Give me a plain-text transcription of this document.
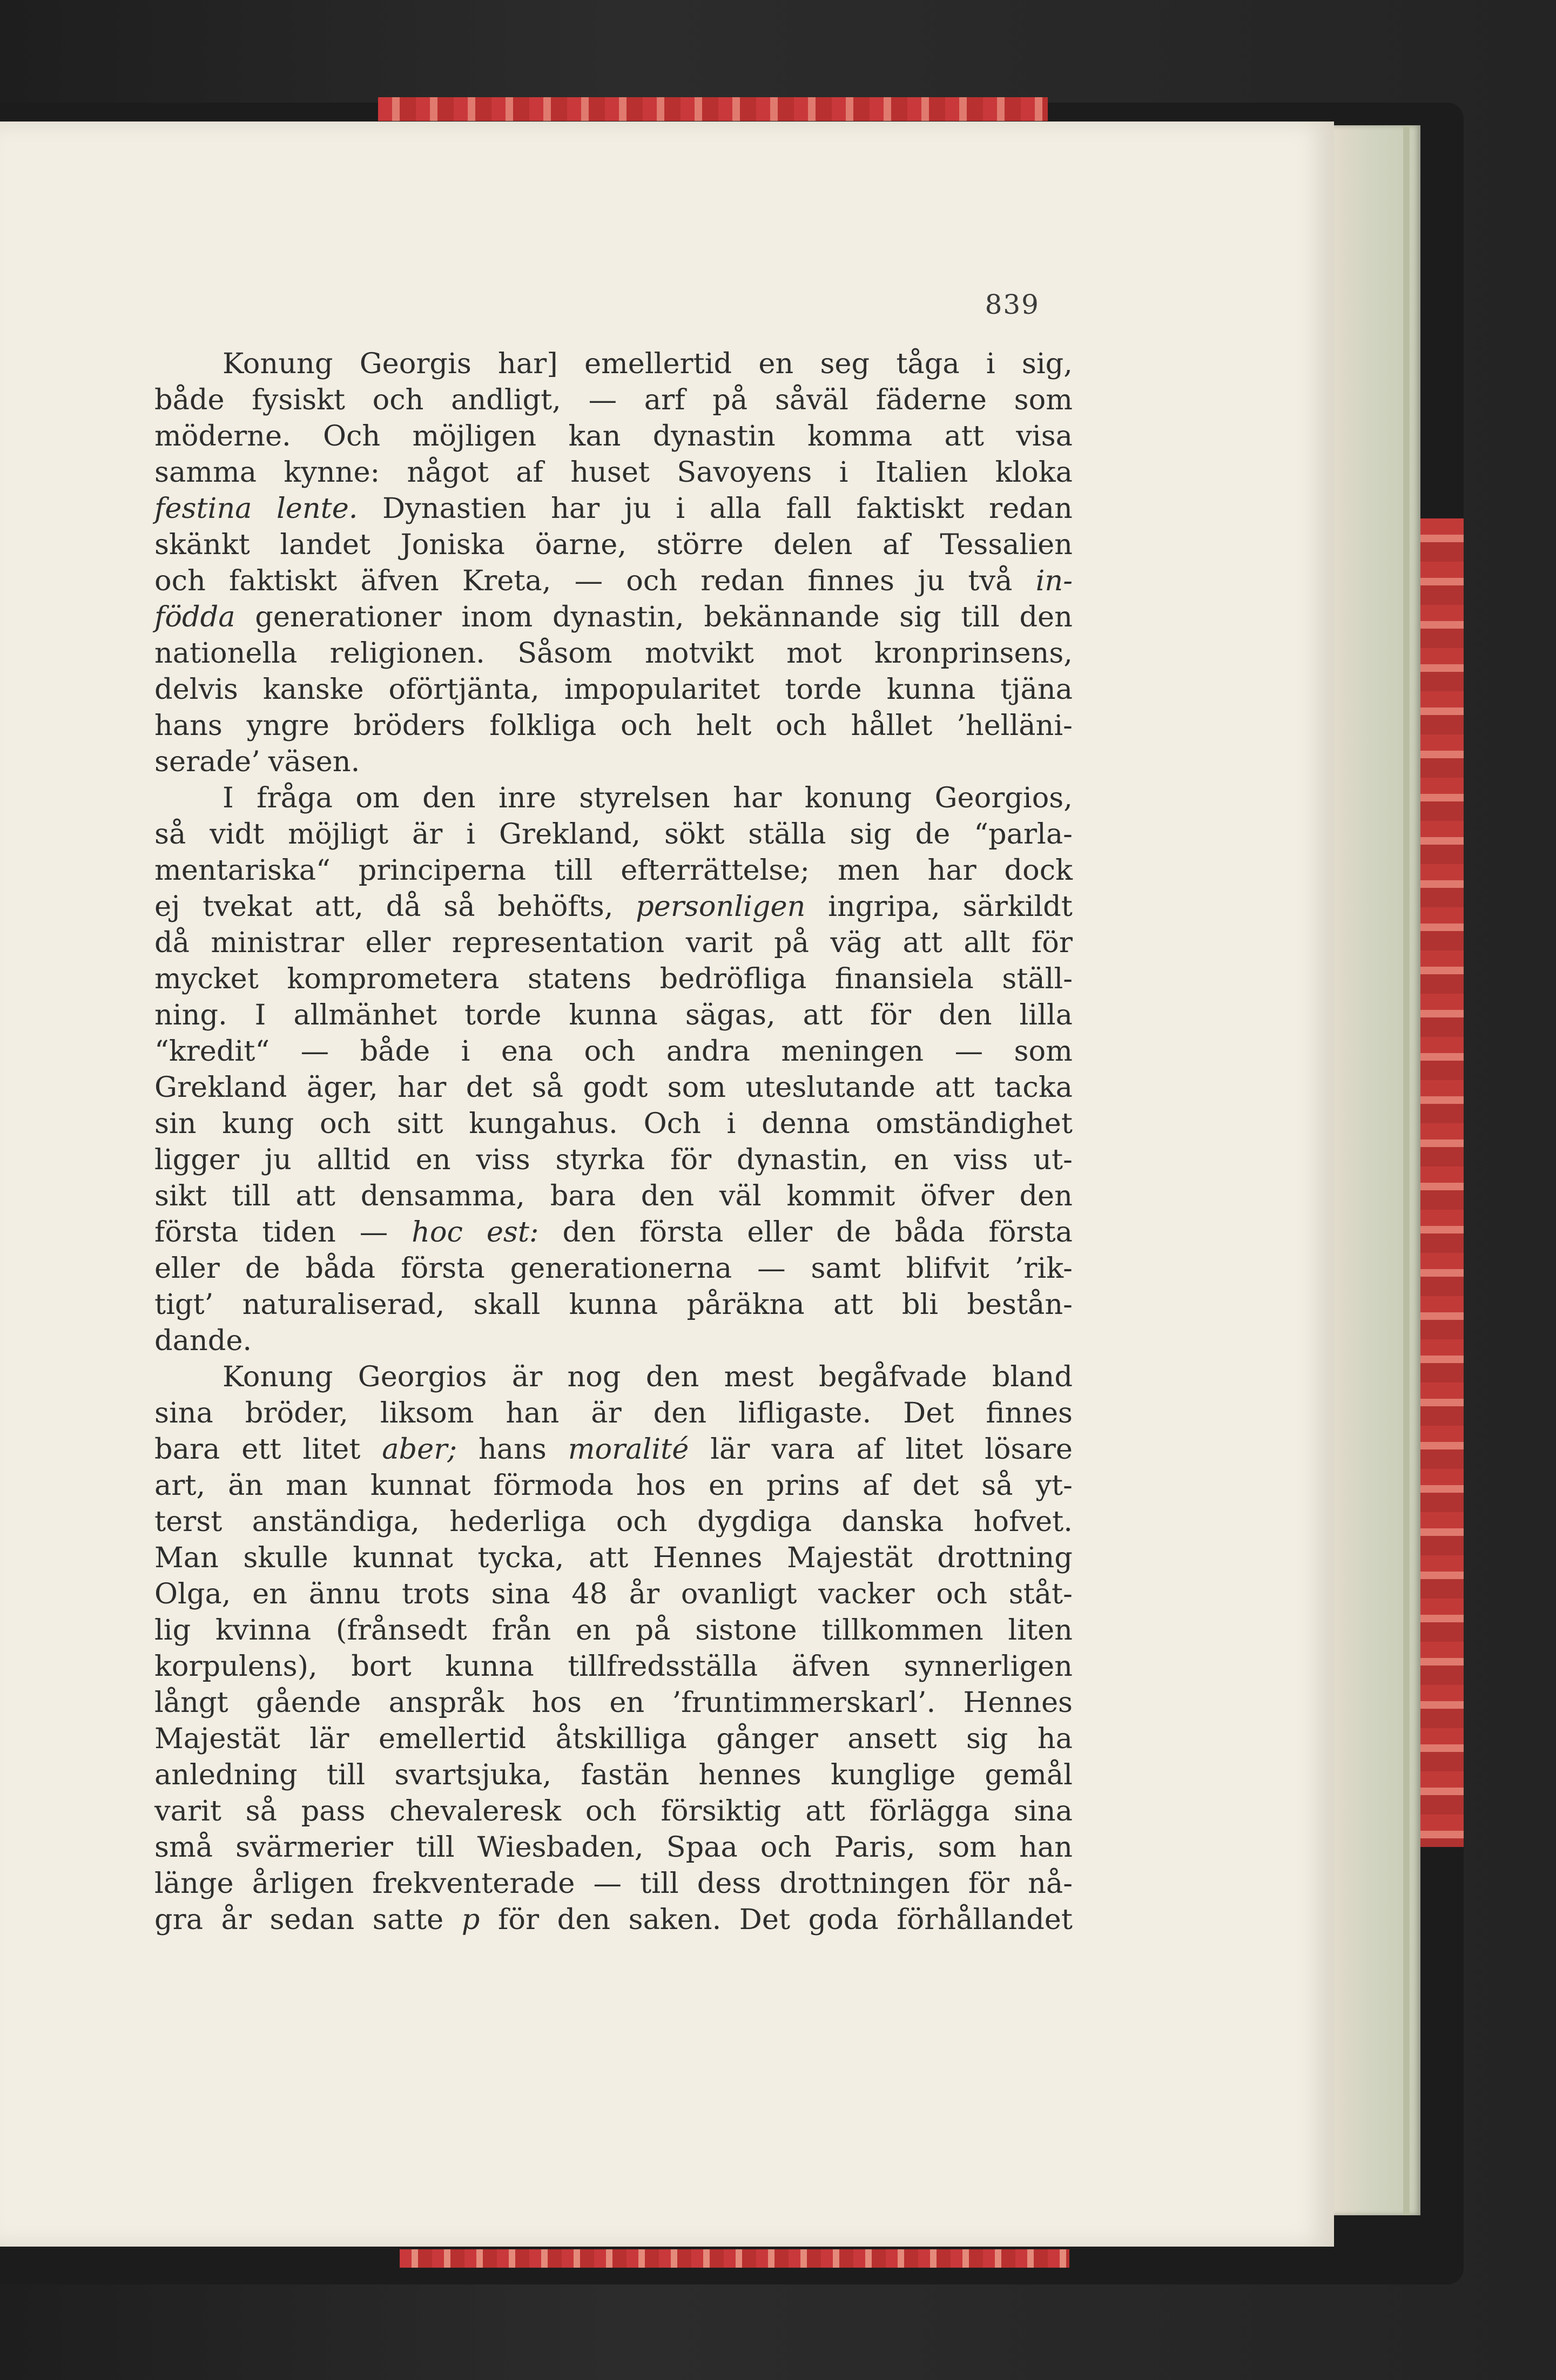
839
Konung Georgis har] emellertid en seg tåga i sig,
både fysiskt och andligt, — arf på såväl fäderne som
möderne. Och möjligen kan dynastin komma att visa
samma kynne: något af huset Savoyens i Italien kloka
festina lente. Dynastien har ju i alla fall faktiskt redan
skänkt landet Joniska öarne, större delen af Tessalien
och faktiskt äfven Kreta, — och redan finnes ju två in-
födda generationer inom dynastin, bekännande sig till den
nationella religionen. Såsom motvikt mot kronprinsens,
delvis kanske oförtjänta, impopularitet torde kunna tjäna
hans yngre bröders folkliga och helt och hållet ’helläni-
serade’ väsen.
I fråga om den inre styrelsen har konung Georgios,
så vidt möjligt är i Grekland, sökt ställa sig de “parla-
mentariska“ principerna till efterrättelse; men har dock
ej tvekat att, då så behöfts, personligen ingripa, särkildt
då ministrar eller representation varit på väg att allt för
mycket komprometera statens bedröfliga finansiela ställ-
ning. I allmänhet torde kunna sägas, att för den lilla
“kredit“ — både i ena och andra meningen — som
Grekland äger, har det så godt som uteslutande att tacka
sin kung och sitt kungahus. Och i denna omständighet
ligger ju alltid en viss styrka för dynastin, en viss ut-
sikt till att densamma, bara den väl kommit öfver den
första tiden — hoc est: den första eller de båda första
eller de båda första generationerna — samt blifvit ’rik-
tigt’ naturaliserad, skall kunna påräkna att bli bestån-
dande.
Konung Georgios är nog den mest begåfvade bland
sina bröder, liksom han är den lifligaste. Det finnes
bara ett litet aber; hans moralité lär vara af litet lösare
art, än man kunnat förmoda hos en prins af det så yt-
terst anständiga, hederliga och dygdiga danska hofvet.
Man skulle kunnat tycka, att Hennes Majestät drottning
Olga, en ännu trots sina 48 år ovanligt vacker och ståt-
lig kvinna (frånsedt från en på sistone tillkommen liten
korpulens), bort kunna tillfredsställa äfven synnerligen
långt gående anspråk hos en ’fruntimmerskarl’. Hennes
Majestät lär emellertid åtskilliga gånger ansett sig ha
anledning till svartsjuka, fastän hennes kunglige gemål
varit så pass chevaleresk och försiktig att förlägga sina
små svärmerier till Wiesbaden, Spaa och Paris, som han
länge årligen frekventerade — till dess drottningen för nå-
gra år sedan satte p för den saken. Det goda förhållandet
